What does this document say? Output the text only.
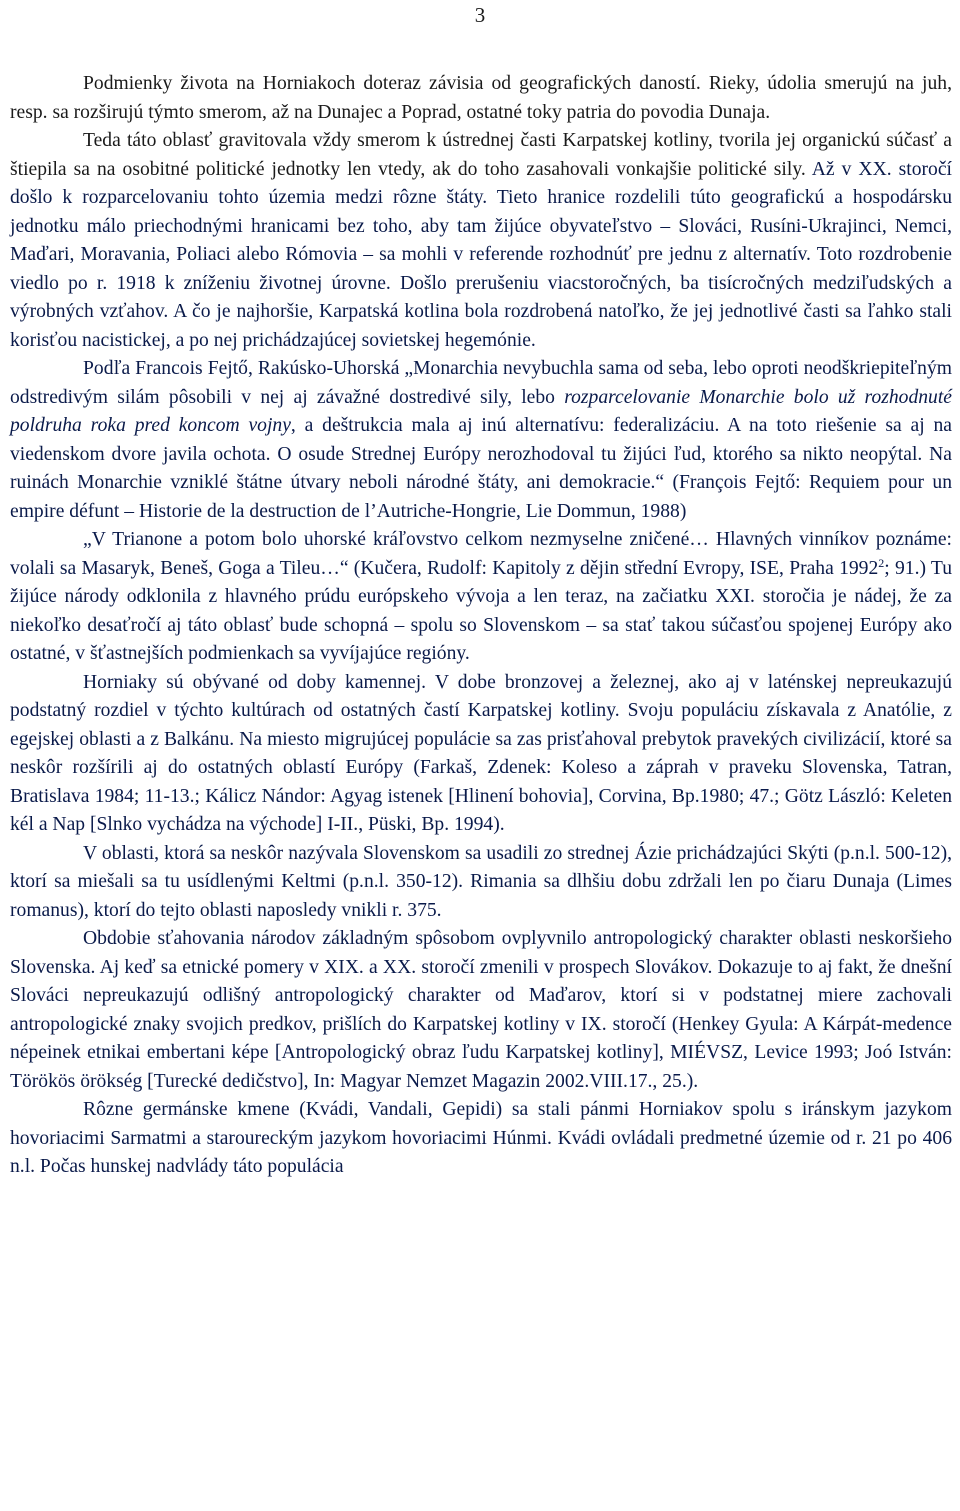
3

Podmienky života na Horniakoch doteraz závisia od geografických daností. Rieky, údolia smerujú na juh, resp. sa rozširujú týmto smerom, až na Dunajec a Poprad, ostatné toky patria do povodia Dunaja.

Teda táto oblasť gravitovala vždy smerom k ústrednej časti Karpatskej kotliny, tvorila jej organickú súčasť a štiepila sa na osobitné politické jednotky len vtedy, ak do toho zasahovali vonkajšie politické sily. Až v XX. storočí došlo k rozparcelovaniu tohto územia medzi rôzne štáty. Tieto hranice rozdelili túto geografickú a hospodársku jednotku málo priechodnými hranicami bez toho, aby tam žijúce obyvateľstvo – Slováci, Rusíni-Ukrajinci, Nemci, Maďari, Moravania, Poliaci alebo Rómovia – sa mohli v referende rozhodnúť pre jednu z alternatív. Toto rozdrobenie viedlo po r. 1918 k zníženiu životnej úrovne. Došlo prerušeniu viacstoročných, ba tisícročných medziľudských a výrobných vzťahov. A čo je najhoršie, Karpatská kotlina bola rozdrobená natoľko, že jej jednotlivé časti sa ľahko stali korisťou nacistickej, a po nej prichádzajúcej sovietskej hegemónie.

Podľa Francois Fejtő, Rakúsko-Uhorská „Monarchia nevybuchla sama od seba, lebo oproti neodškriepiteľným odstredivým silám pôsobili v nej aj závažné dostredivé sily, lebo rozparcelovanie Monarchie bolo už rozhodnuté poldruha roka pred koncom vojny, a deštrukcia mala aj inú alternatívu: federalizáciu. A na toto riešenie sa aj na viedenskom dvore javila ochota. O osude Strednej Európy nerozhodoval tu žijúci ľud, ktorého sa nikto neopýtal. Na ruinách Monarchie vzniklé štátne útvary neboli národné štáty, ani demokracie.“ (François Fejtő: Requiem pour un empire défunt – Historie de la destruction de l’Autriche-Hongrie, Lie Dommun, 1988)

„V Trianone a potom bolo uhorské kráľovstvo celkom nezmyselne zničené… Hlavných vinníkov poznáme: volali sa Masaryk, Beneš, Goga a Tileu…“ (Kučera, Rudolf: Kapitoly z dějin střední Evropy, ISE, Praha 1992$^2$; 91.) Tu žijúce národy odklonila z hlavného prúdu európskeho vývoja a len teraz, na začiatku XXI. storočia je nádej, že za niekoľko desaťročí aj táto oblasť bude schopná – spolu so Slovenskom – sa stať takou súčasťou spojenej Európy ako ostatné, v šťastnejších podmienkach sa vyvíjajúce regióny.

Horniaky sú obývané od doby kamennej. V dobe bronzovej a železnej, ako aj v laténskej nepreukazujú podstatný rozdiel v týchto kultúrach od ostatných častí Karpatskej kotliny. Svoju populáciu získavala z Anatólie, z egejskej oblasti a z Balkánu. Na miesto migrujúcej populácie sa zas prisťahoval prebytok pravekých civilizácií, ktoré sa neskôr rozšírili aj do ostatných oblastí Európy (Farkaš, Zdenek: Koleso a záprah v praveku Slovenska, Tatran, Bratislava 1984; 11-13.; Kálicz Nándor: Agyag istenek [Hlinení bohovia], Corvina, Bp.1980; 47.; Götz László: Keleten kél a Nap [Slnko vychádza na východe] I-II., Püski, Bp. 1994).

V oblasti, ktorá sa neskôr nazývala Slovenskom sa usadili zo strednej Ázie prichádzajúci Skýti (p.n.l. 500-12), ktorí sa miešali sa tu usídlenými Keltmi (p.n.l. 350-12). Rimania sa dlhšiu dobu zdržali len po čiaru Dunaja (Limes romanus), ktorí do tejto oblasti naposledy vnikli r. 375.

Obdobie sťahovania národov základným spôsobom ovplyvnilo antropologický charakter oblasti neskoršieho Slovenska. Aj keď sa etnické pomery v XIX. a XX. storočí zmenili v prospech Slovákov. Dokazuje to aj fakt, že dnešní Slováci nepreukazujú odlišný antropologický charakter od Maďarov, ktorí si v podstatnej miere zachovali antropologické znaky svojich predkov, prišlích do Karpatskej kotliny v IX. storočí (Henkey Gyula: A Kárpát-medence népeinek etnikai embertani képe [Antropologický obraz ľudu Karpatskej kotliny], MIÉVSZ, Levice 1993; Joó István: Törökös örökség [Turecké dedičstvo], In: Magyar Nemzet Magazin 2002.VIII.17., 25.).

Rôzne germánske kmene (Kvádi, Vandali, Gepidi) sa stali pánmi Horniakov spolu s iránskym jazykom hovoriacimi Sarmatmi a staroureckým jazykom hovoriacimi Húnmi. Kvádi ovládali predmetné územie od r. 21 po 406 n.l. Počas hunskej nadvlády táto populácia
